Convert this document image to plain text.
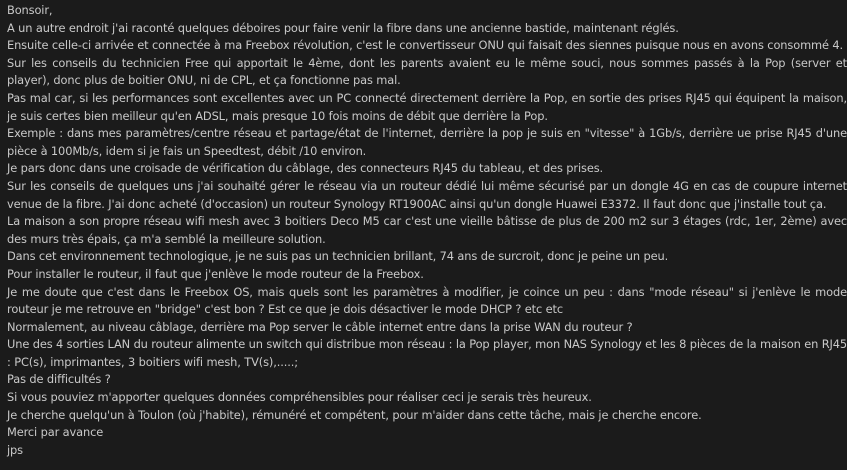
Bonsoir,

A un autre endroit j'ai raconté quelques déboires pour faire venir la fibre dans une ancienne bastide, maintenant réglés.

Ensuite celle-ci arrivée et connectée à ma Freebox révolution, c'est le convertisseur ONU qui faisait des siennes puisque nous en avons consommé 4.

Sur les conseils du technicien Free qui apportait le 4ème, dont les parents avaient eu le même souci, nous sommes passés à la Pop (server et player), donc plus de boitier ONU, ni de CPL, et ça fonctionne pas mal.

Pas mal car, si les performances sont excellentes avec un PC connecté directement derrière la Pop, en sortie des prises RJ45 qui équipent la maison, je suis certes bien meilleur qu'en ADSL, mais presque 10 fois moins de débit que derrière la Pop.

Exemple : dans mes paramètres/centre réseau et partage/état de l'internet, derrière la pop je suis en "vitesse" à 1Gb/s, derrière ue prise RJ45 d'une pièce à 100Mb/s, idem si je fais un Speedtest, débit /10 environ.

Je pars donc dans une croisade de vérification du câblage, des connecteurs RJ45 du tableau, et des prises.

Sur les conseils de quelques uns j'ai souhaité gérer le réseau via un routeur dédié lui même sécurisé par un dongle 4G en cas de coupure internet venue de la fibre. J'ai donc acheté (d'occasion) un routeur Synology RT1900AC ainsi qu'un dongle Huawei E3372. Il faut donc que j'installe tout ça.

La maison a son propre réseau wifi mesh avec 3 boitiers Deco M5 car c'est une vieille bâtisse de plus de 200 m2 sur 3 étages (rdc, 1er, 2ème) avec des murs très épais, ça m'a semblé la meilleure solution.

Dans cet environnement technologique, je ne suis pas un technicien brillant, 74 ans de surcroit, donc je peine un peu.

Pour installer le routeur, il faut que j'enlève le mode routeur de la Freebox.

Je me doute que c'est dans le Freebox OS, mais quels sont les paramètres à modifier, je coince un peu : dans "mode réseau" si j'enlève le mode routeur je me retrouve en "bridge" c'est bon ? Est ce que je dois désactiver le mode DHCP ? etc etc

Normalement, au niveau câblage, derrière ma Pop server le câble internet entre dans la prise WAN du routeur ?

Une des 4 sorties LAN du routeur alimente un switch qui distribue mon réseau : la Pop player, mon NAS Synology et les 8 pièces de la maison en RJ45 : PC(s), imprimantes, 3 boitiers wifi mesh, TV(s),.....;

Pas de difficultés ?

Si vous pouviez m'apporter quelques données compréhensibles pour réaliser ceci je serais très heureux.

Je cherche quelqu'un à Toulon (où j'habite), rémunéré et compétent, pour m'aider dans cette tâche, mais je cherche encore.

Merci par avance

jps
